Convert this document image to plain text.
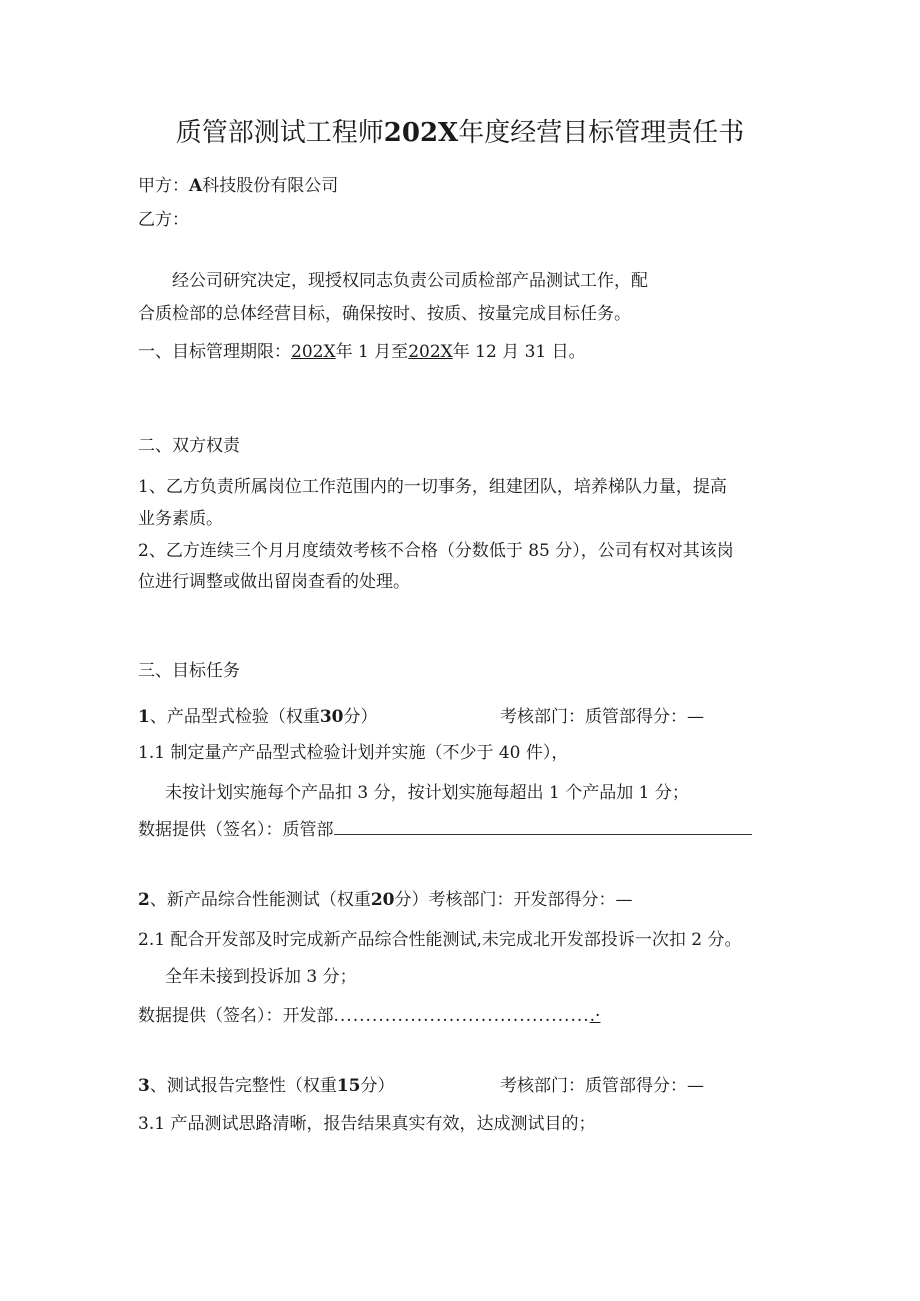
质管部测试工程师202X年度经营目标管理责任书
甲方：A科技股份有限公司
乙方：
经公司研究决定，现授权同志负责公司质检部产品测试工作，配
合质检部的总体经营目标，确保按时、按质、按量完成目标任务。
一、目标管理期限：202X年 1 月至202X年 12 月 31 日。
二、双方权责
1、乙方负责所属岗位工作范围内的一切事务，组建团队，培养梯队力量，提高
业务素质。
2、乙方连续三个月月度绩效考核不合格（分数低于 85 分），公司有权对其该岗
位进行调整或做出留岗查看的处理。
三、目标任务
1、产品型式检验（权重30分）	考核部门：质管部得分：—
1.1 制定量产产品型式检验计划并实施（不少于 40 件），
未按计划实施每个产品扣 3 分，按计划实施每超出 1 个产品加 1 分；
数据提供（签名）：质管部
2、新产品综合性能测试（权重20分）考核部门：开发部得分：—
2.1 配合开发部及时完成新产品综合性能测试,未完成北开发部投诉一次扣 2 分。
全年未接到投诉加 3 分；
数据提供（签名）：开发部.........................................·
3、测试报告完整性（权重15分）	考核部门：质管部得分：—
3.1 产品测试思路清晰，报告结果真实有效，达成测试目的；
